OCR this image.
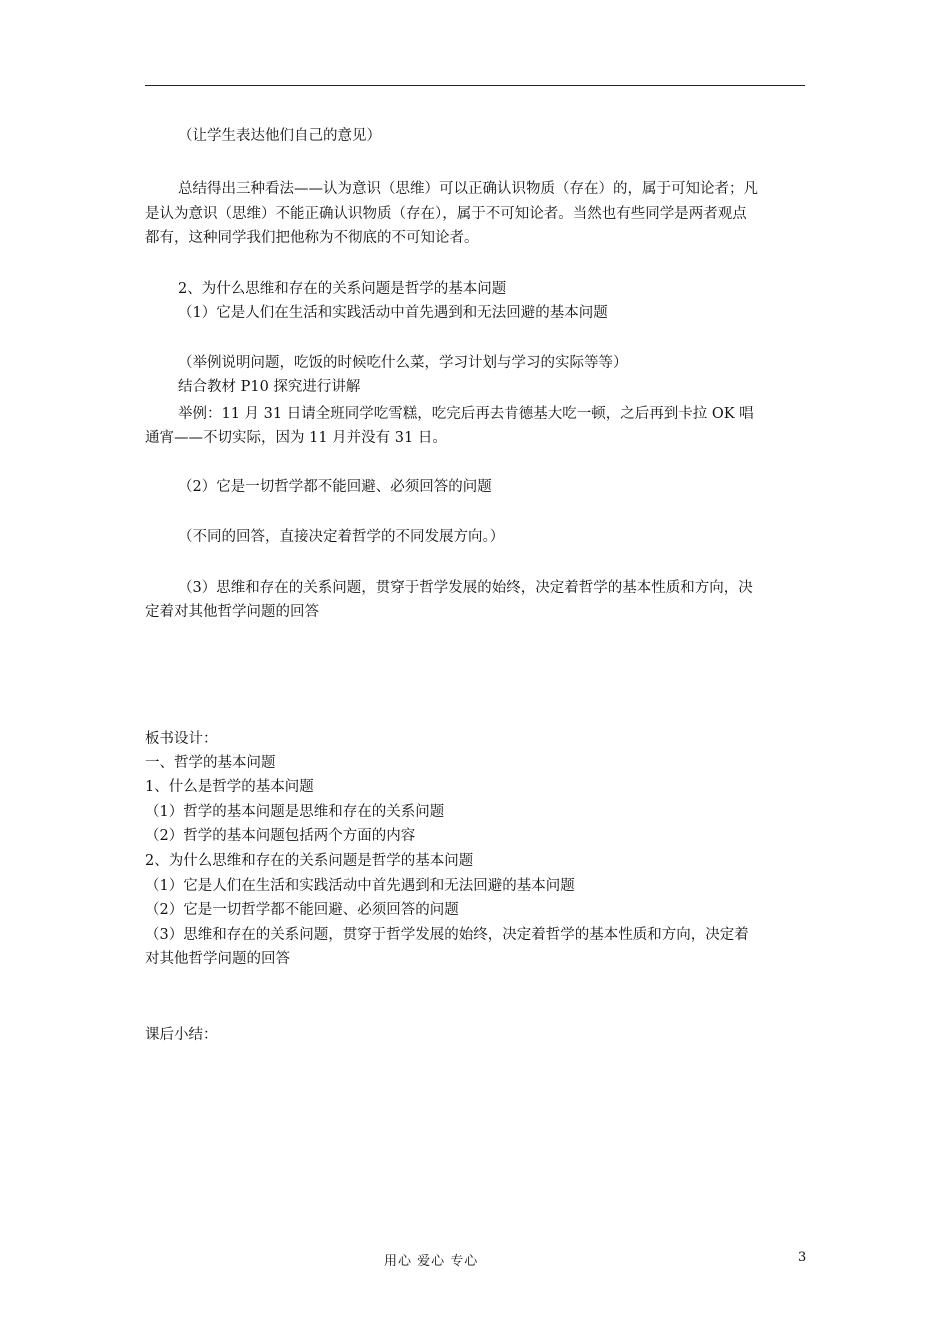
（让学生表达他们自己的意见）
总结得出三种看法——认为意识（思维）可以正确认识物质（存在）的，属于可知论者；凡
是认为意识（思维）不能正确认识物质（存在），属于不可知论者。当然也有些同学是两者观点
都有，这种同学我们把他称为不彻底的不可知论者。
2、为什么思维和存在的关系问题是哲学的基本问题
（1）它是人们在生活和实践活动中首先遇到和无法回避的基本问题
（举例说明问题，吃饭的时候吃什么菜，学习计划与学习的实际等等）
结合教材 P10 探究进行讲解
举例：11 月 31 日请全班同学吃雪糕，吃完后再去肯德基大吃一顿，之后再到卡拉 OK 唱
通宵——不切实际，因为 11 月并没有 31 日。
（2）它是一切哲学都不能回避、必须回答的问题
（不同的回答，直接决定着哲学的不同发展方向。）
（3）思维和存在的关系问题，贯穿于哲学发展的始终，决定着哲学的基本性质和方向，决
定着对其他哲学问题的回答
板书设计：
一、哲学的基本问题
1、什么是哲学的基本问题
（1）哲学的基本问题是思维和存在的关系问题
（2）哲学的基本问题包括两个方面的内容
2、为什么思维和存在的关系问题是哲学的基本问题
（1）它是人们在生活和实践活动中首先遇到和无法回避的基本问题
（2）它是一切哲学都不能回避、必须回答的问题
（3）思维和存在的关系问题，贯穿于哲学发展的始终，决定着哲学的基本性质和方向，决定着
对其他哲学问题的回答
课后小结：
用心 爱心 专心	3
